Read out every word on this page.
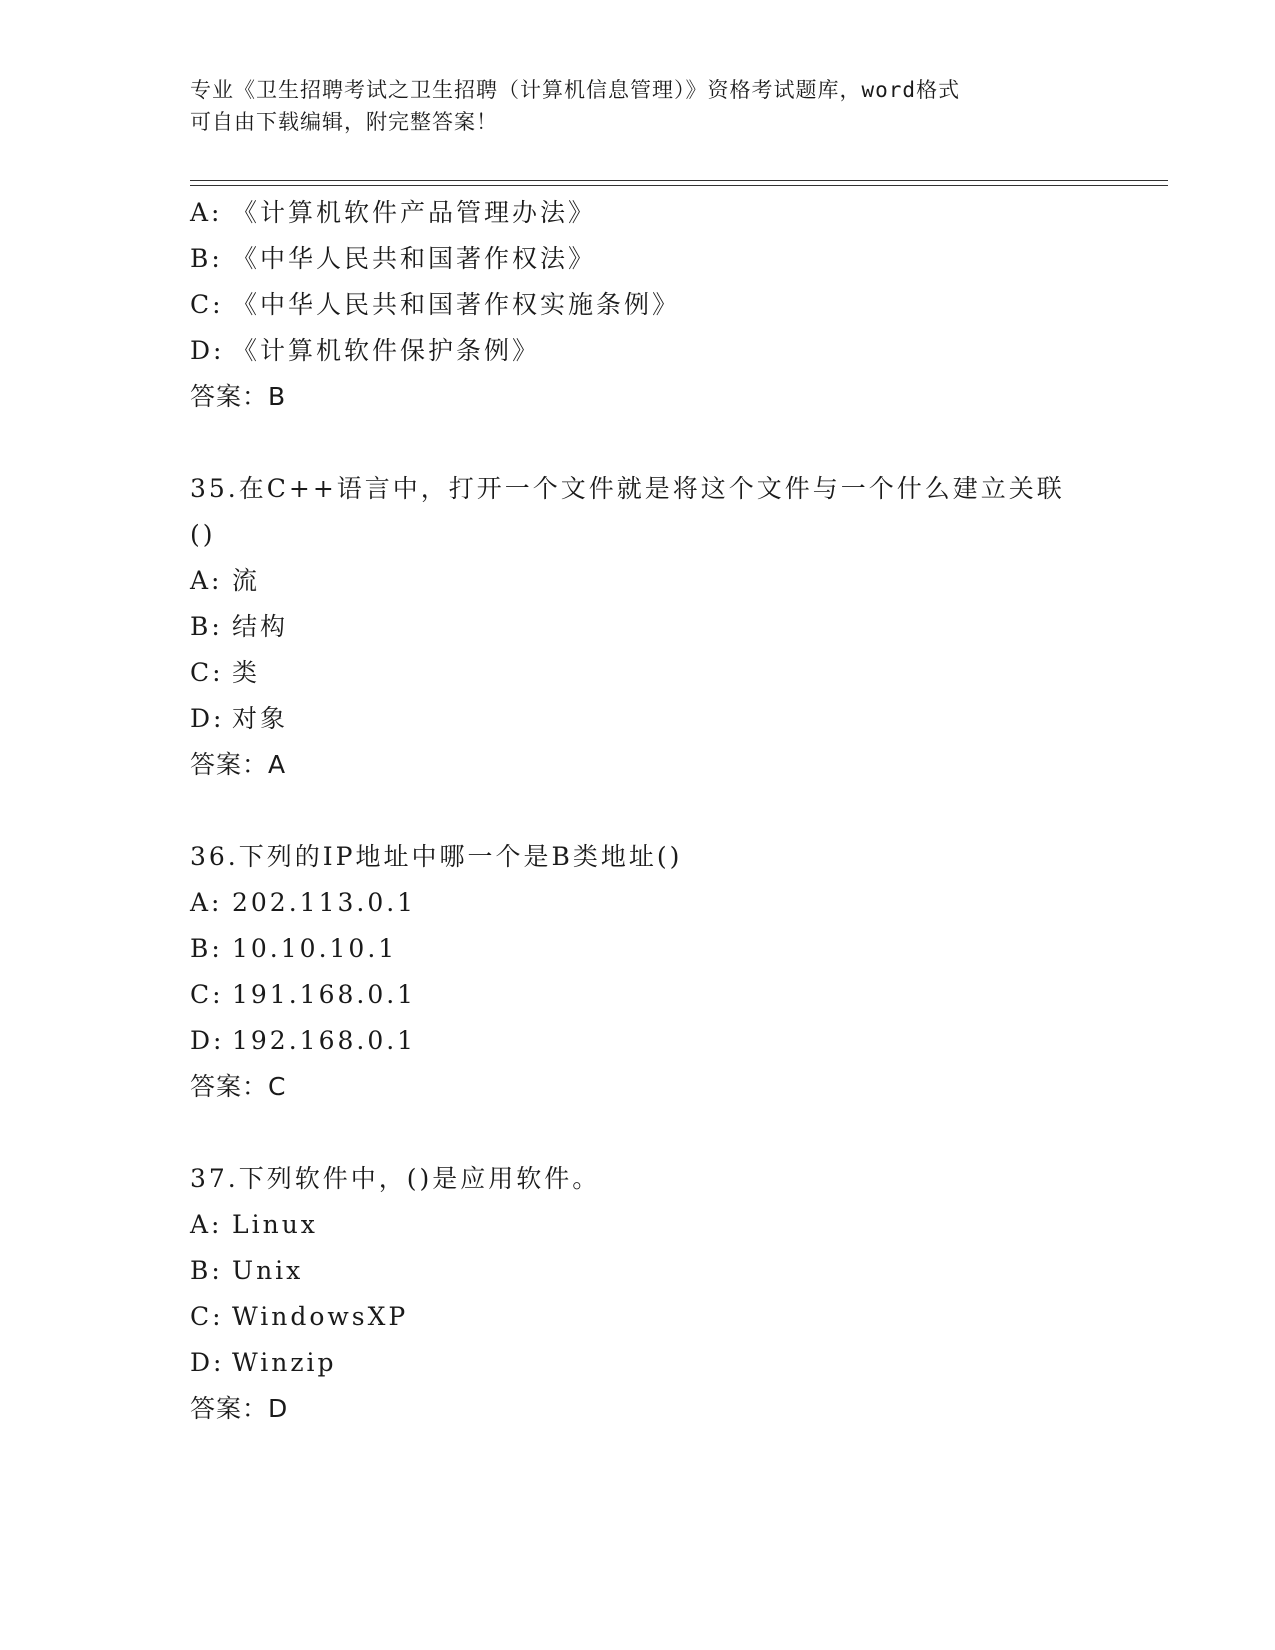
专业《卫生招聘考试之卫生招聘（计算机信息管理）》资格考试题库，word格式
可自由下载编辑，附完整答案！
A: 《计算机软件产品管理办法》
B: 《中华人民共和国著作权法》
C: 《中华人民共和国著作权实施条例》
D: 《计算机软件保护条例》
答案：B
35.在C++语言中，打开一个文件就是将这个文件与一个什么建立关联
()
A: 流
B: 结构
C: 类
D: 对象
答案：A
36.下列的IP地址中哪一个是B类地址()
A: 202.113.0.1
B: 10.10.10.1
C: 191.168.0.1
D: 192.168.0.1
答案：C
37.下列软件中，()是应用软件。
A: Linux
B: Unix
C: WindowsXP
D: Winzip
答案：D
